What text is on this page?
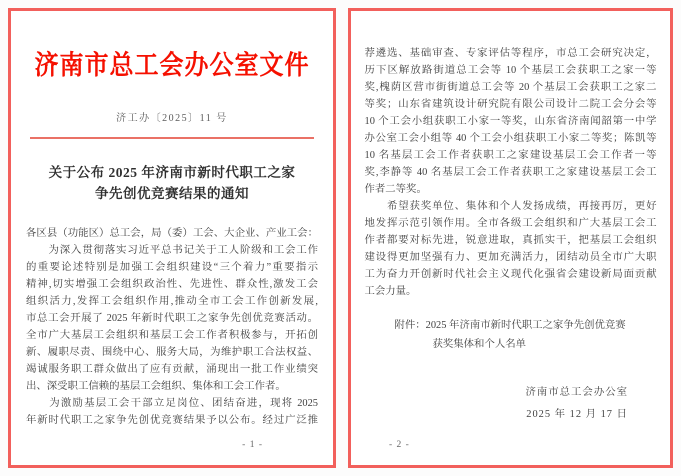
济南市总工会办公室文件
济工办〔2025〕11 号
关于公布 2025 年济南市新时代职工之家
争先创优竞赛结果的通知
各区县（功能区）总工会，局（委）工会、大企业、产业工会：
　　为深入贯彻落实习近平总书记关于工人阶级和工会工作
的重要论述特别是加强工会组织建设“三个着力”重要指示
精神,切实增强工会组织政治性、先进性、群众性,激发工会
组织活力,发挥工会组织作用,推动全市工会工作创新发展,
市总工会开展了 2025 年新时代职工之家争先创优竞赛活动。
全市广大基层工会组织和基层工会工作者积极参与，开拓创
新、履职尽责、围绕中心、服务大局，为维护职工合法权益、
竭诚服务职工群众做出了应有贡献，涌现出一批工作业绩突
出、深受职工信赖的基层工会组织、集体和工会工作者。
　　为激励基层工会干部立足岗位、团结奋进，现将 2025
年新时代职工之家争先创优竞赛结果予以公布。经过广泛推
- 1 -
荐遴选、基础审查、专家评估等程序，市总工会研究决定，
历下区解放路街道总工会等 10 个基层工会获职工之家一等
奖,槐荫区营市街街道总工会等 20 个基层工会获职工之家二
等奖；山东省建筑设计研究院有限公司设计二院工会分会等
10 个工会小组获职工小家一等奖，山东省济南闻韶第一中学
办公室工会小组等 40 个工会小组获职工小家二等奖；陈凯等
10 名基层工会工作者获职工之家建设基层工会工作者一等
奖,李静等 40 名基层工会工作者获职工之家建设基层工会工
作者二等奖。
　　希望获奖单位、集体和个人发扬成绩，再接再厉，更好
地发挥示范引领作用。全市各级工会组织和广大基层工会工
作者都要对标先进，锐意进取，真抓实干，把基层工会组织
建设得更加坚强有力、更加充满活力，团结动员全市广大职
工为奋力开创新时代社会主义现代化强省会建设新局面贡献
工会力量。
附件：2025 年济南市新时代职工之家争先创优竞赛
获奖集体和个人名单
济南市总工会办公室
2025 年 12 月 17 日
- 2 -
